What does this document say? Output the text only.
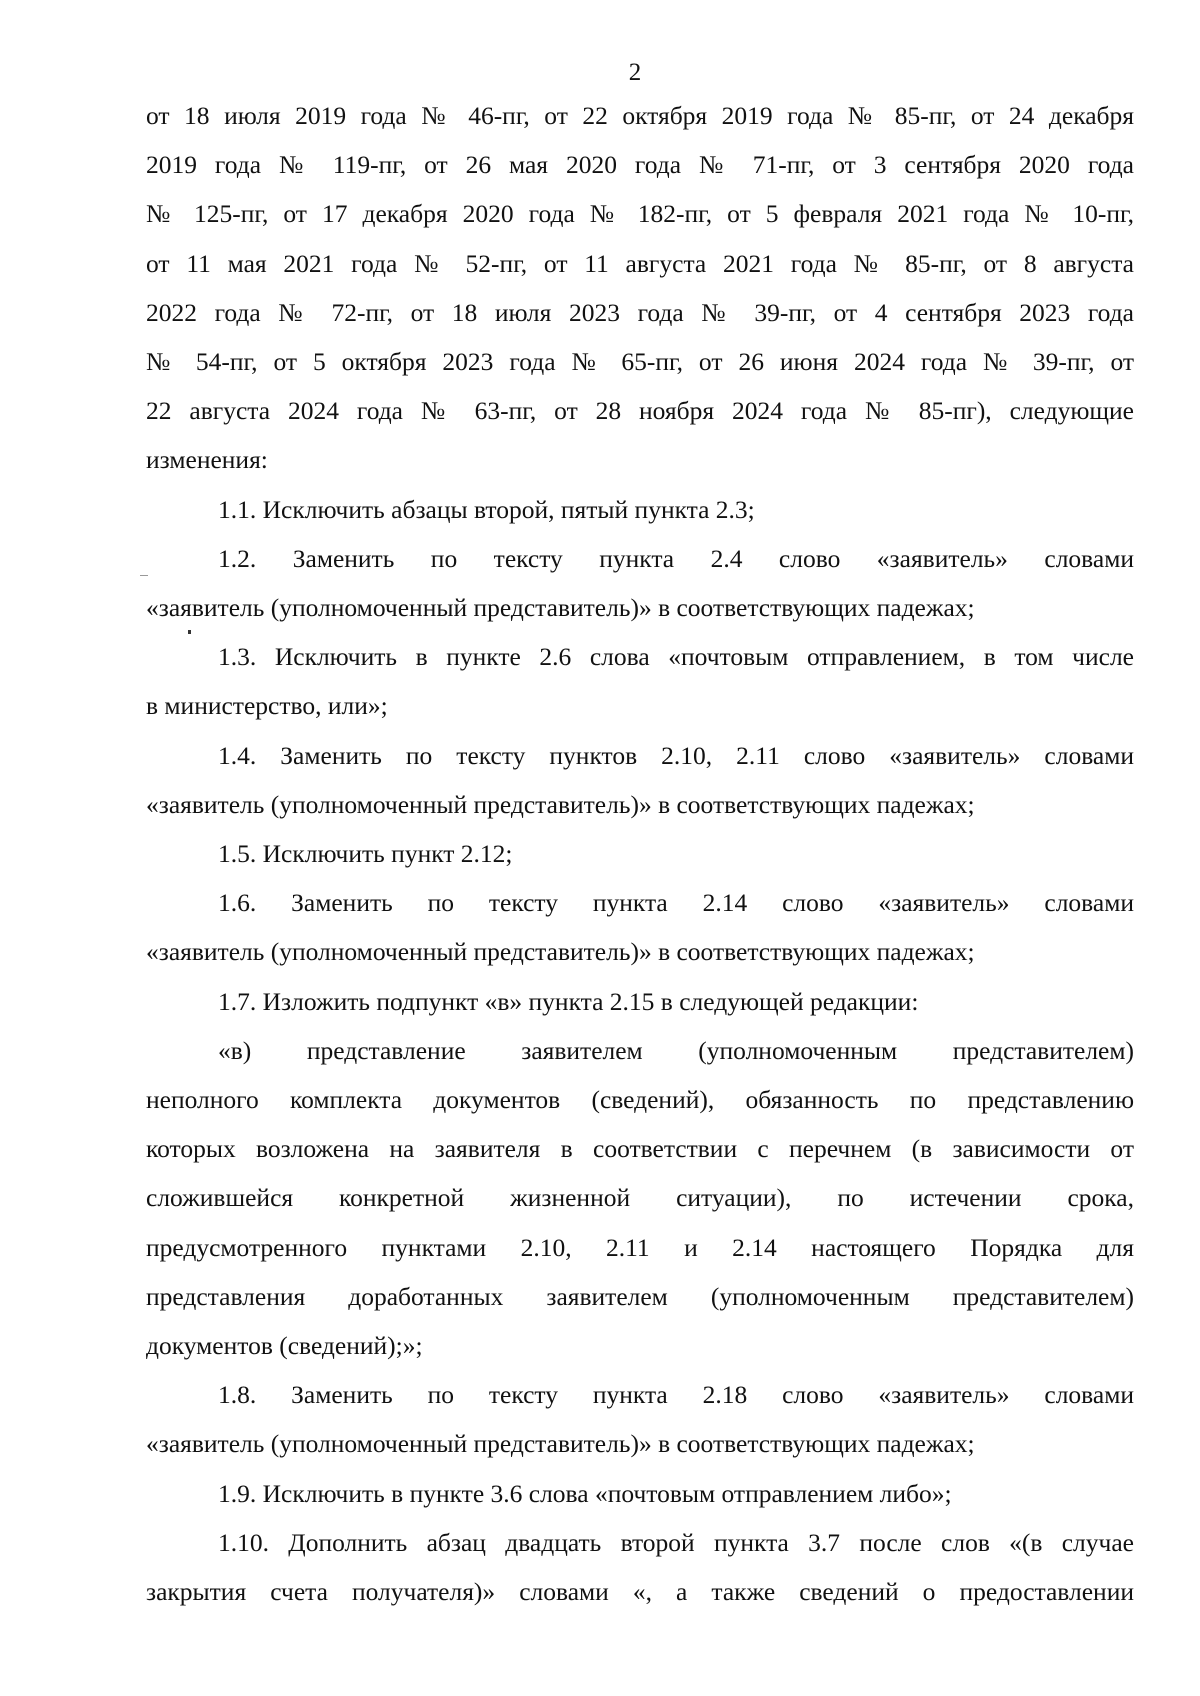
2

от 18 июля 2019 года № 46-пг, от 22 октября 2019 года № 85-пг, от 24 декабря

2019 года № 119-пг, от 26 мая 2020 года № 71-пг, от 3 сентября 2020 года

№ 125-пг, от 17 декабря 2020 года № 182-пг, от 5 февраля 2021 года № 10-пг,

от 11 мая 2021 года № 52-пг, от 11 августа 2021 года № 85-пг, от 8 августа

2022 года № 72-пг, от 18 июля 2023 года № 39-пг, от 4 сентября 2023 года

№ 54-пг, от 5 октября 2023 года № 65-пг, от 26 июня 2024 года № 39-пг, от

22 августа 2024 года № 63-пг, от 28 ноября 2024 года № 85-пг), следующие

изменения:

1.1. Исключить абзацы второй, пятый пункта 2.3;

1.2. Заменить по тексту пункта 2.4 слово «заявитель» словами

«заявитель (уполномоченный представитель)» в соответствующих падежах;

1.3. Исключить в пункте 2.6 слова «почтовым отправлением, в том числе

в министерство, или»;

1.4. Заменить по тексту пунктов 2.10, 2.11 слово «заявитель» словами

«заявитель (уполномоченный представитель)» в соответствующих падежах;

1.5. Исключить пункт 2.12;

1.6. Заменить по тексту пункта 2.14 слово «заявитель» словами

«заявитель (уполномоченный представитель)» в соответствующих падежах;

1.7. Изложить подпункт «в» пункта 2.15 в следующей редакции:

«в) представление заявителем (уполномоченным представителем)

неполного комплекта документов (сведений), обязанность по представлению

которых возложена на заявителя в соответствии с перечнем (в зависимости от

сложившейся конкретной жизненной ситуации), по истечении срока,

предусмотренного пунктами 2.10, 2.11 и 2.14 настоящего Порядка для

представления доработанных заявителем (уполномоченным представителем)

документов (сведений);»;

1.8. Заменить по тексту пункта 2.18 слово «заявитель» словами

«заявитель (уполномоченный представитель)» в соответствующих падежах;

1.9. Исключить в пункте 3.6 слова «почтовым отправлением либо»;

1.10. Дополнить абзац двадцать второй пункта 3.7 после слов «(в случае

закрытия счета получателя)» словами «, а также сведений о предоставлении
